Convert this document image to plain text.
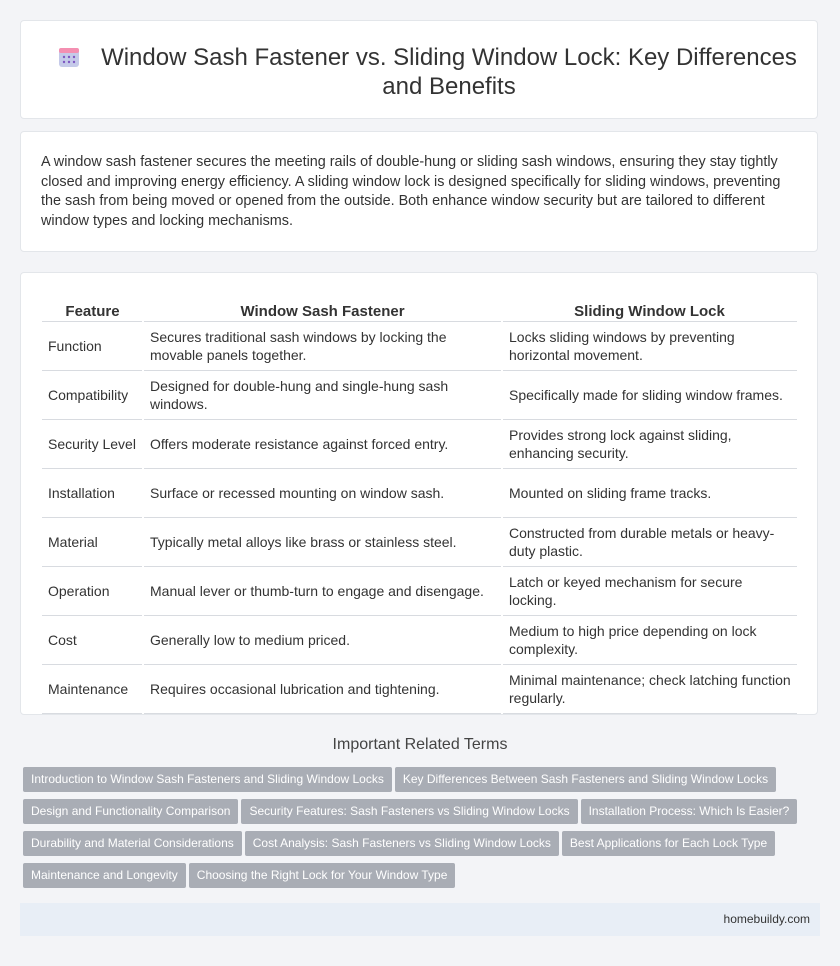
Window Sash Fastener vs. Sliding Window Lock: Key Differences and Benefits

A window sash fastener secures the meeting rails of double-hung or sliding sash windows, ensuring they stay tightly closed and improving energy efficiency. A sliding window lock is designed specifically for sliding windows, preventing the sash from being moved or opened from the outside. Both enhance window security but are tailored to different window types and locking mechanisms.

Feature	Window Sash Fastener	Sliding Window Lock
Function	Secures traditional sash windows by locking the movable panels together.	Locks sliding windows by preventing horizontal movement.
Compatibility	Designed for double-hung and single-hung sash windows.	Specifically made for sliding window frames.
Security Level	Offers moderate resistance against forced entry.	Provides strong lock against sliding, enhancing security.
Installation	Surface or recessed mounting on window sash.	Mounted on sliding frame tracks.
Material	Typically metal alloys like brass or stainless steel.	Constructed from durable metals or heavy-duty plastic.
Operation	Manual lever or thumb-turn to engage and disengage.	Latch or keyed mechanism for secure locking.
Cost	Generally low to medium priced.	Medium to high price depending on lock complexity.
Maintenance	Requires occasional lubrication and tightening.	Minimal maintenance; check latching function regularly.
Important Related Terms
Introduction to Window Sash Fasteners and Sliding Window Locks Key Differences Between Sash Fasteners and Sliding Window LocksDesign and Functionality Comparison Security Features: Sash Fasteners vs Sliding Window Locks Installation Process: Which Is Easier?Durability and Material Considerations Cost Analysis: Sash Fasteners vs Sliding Window Locks Best Applications for Each Lock TypeMaintenance and Longevity Choosing the Right Lock for Your Window Type
homebuildy.com
